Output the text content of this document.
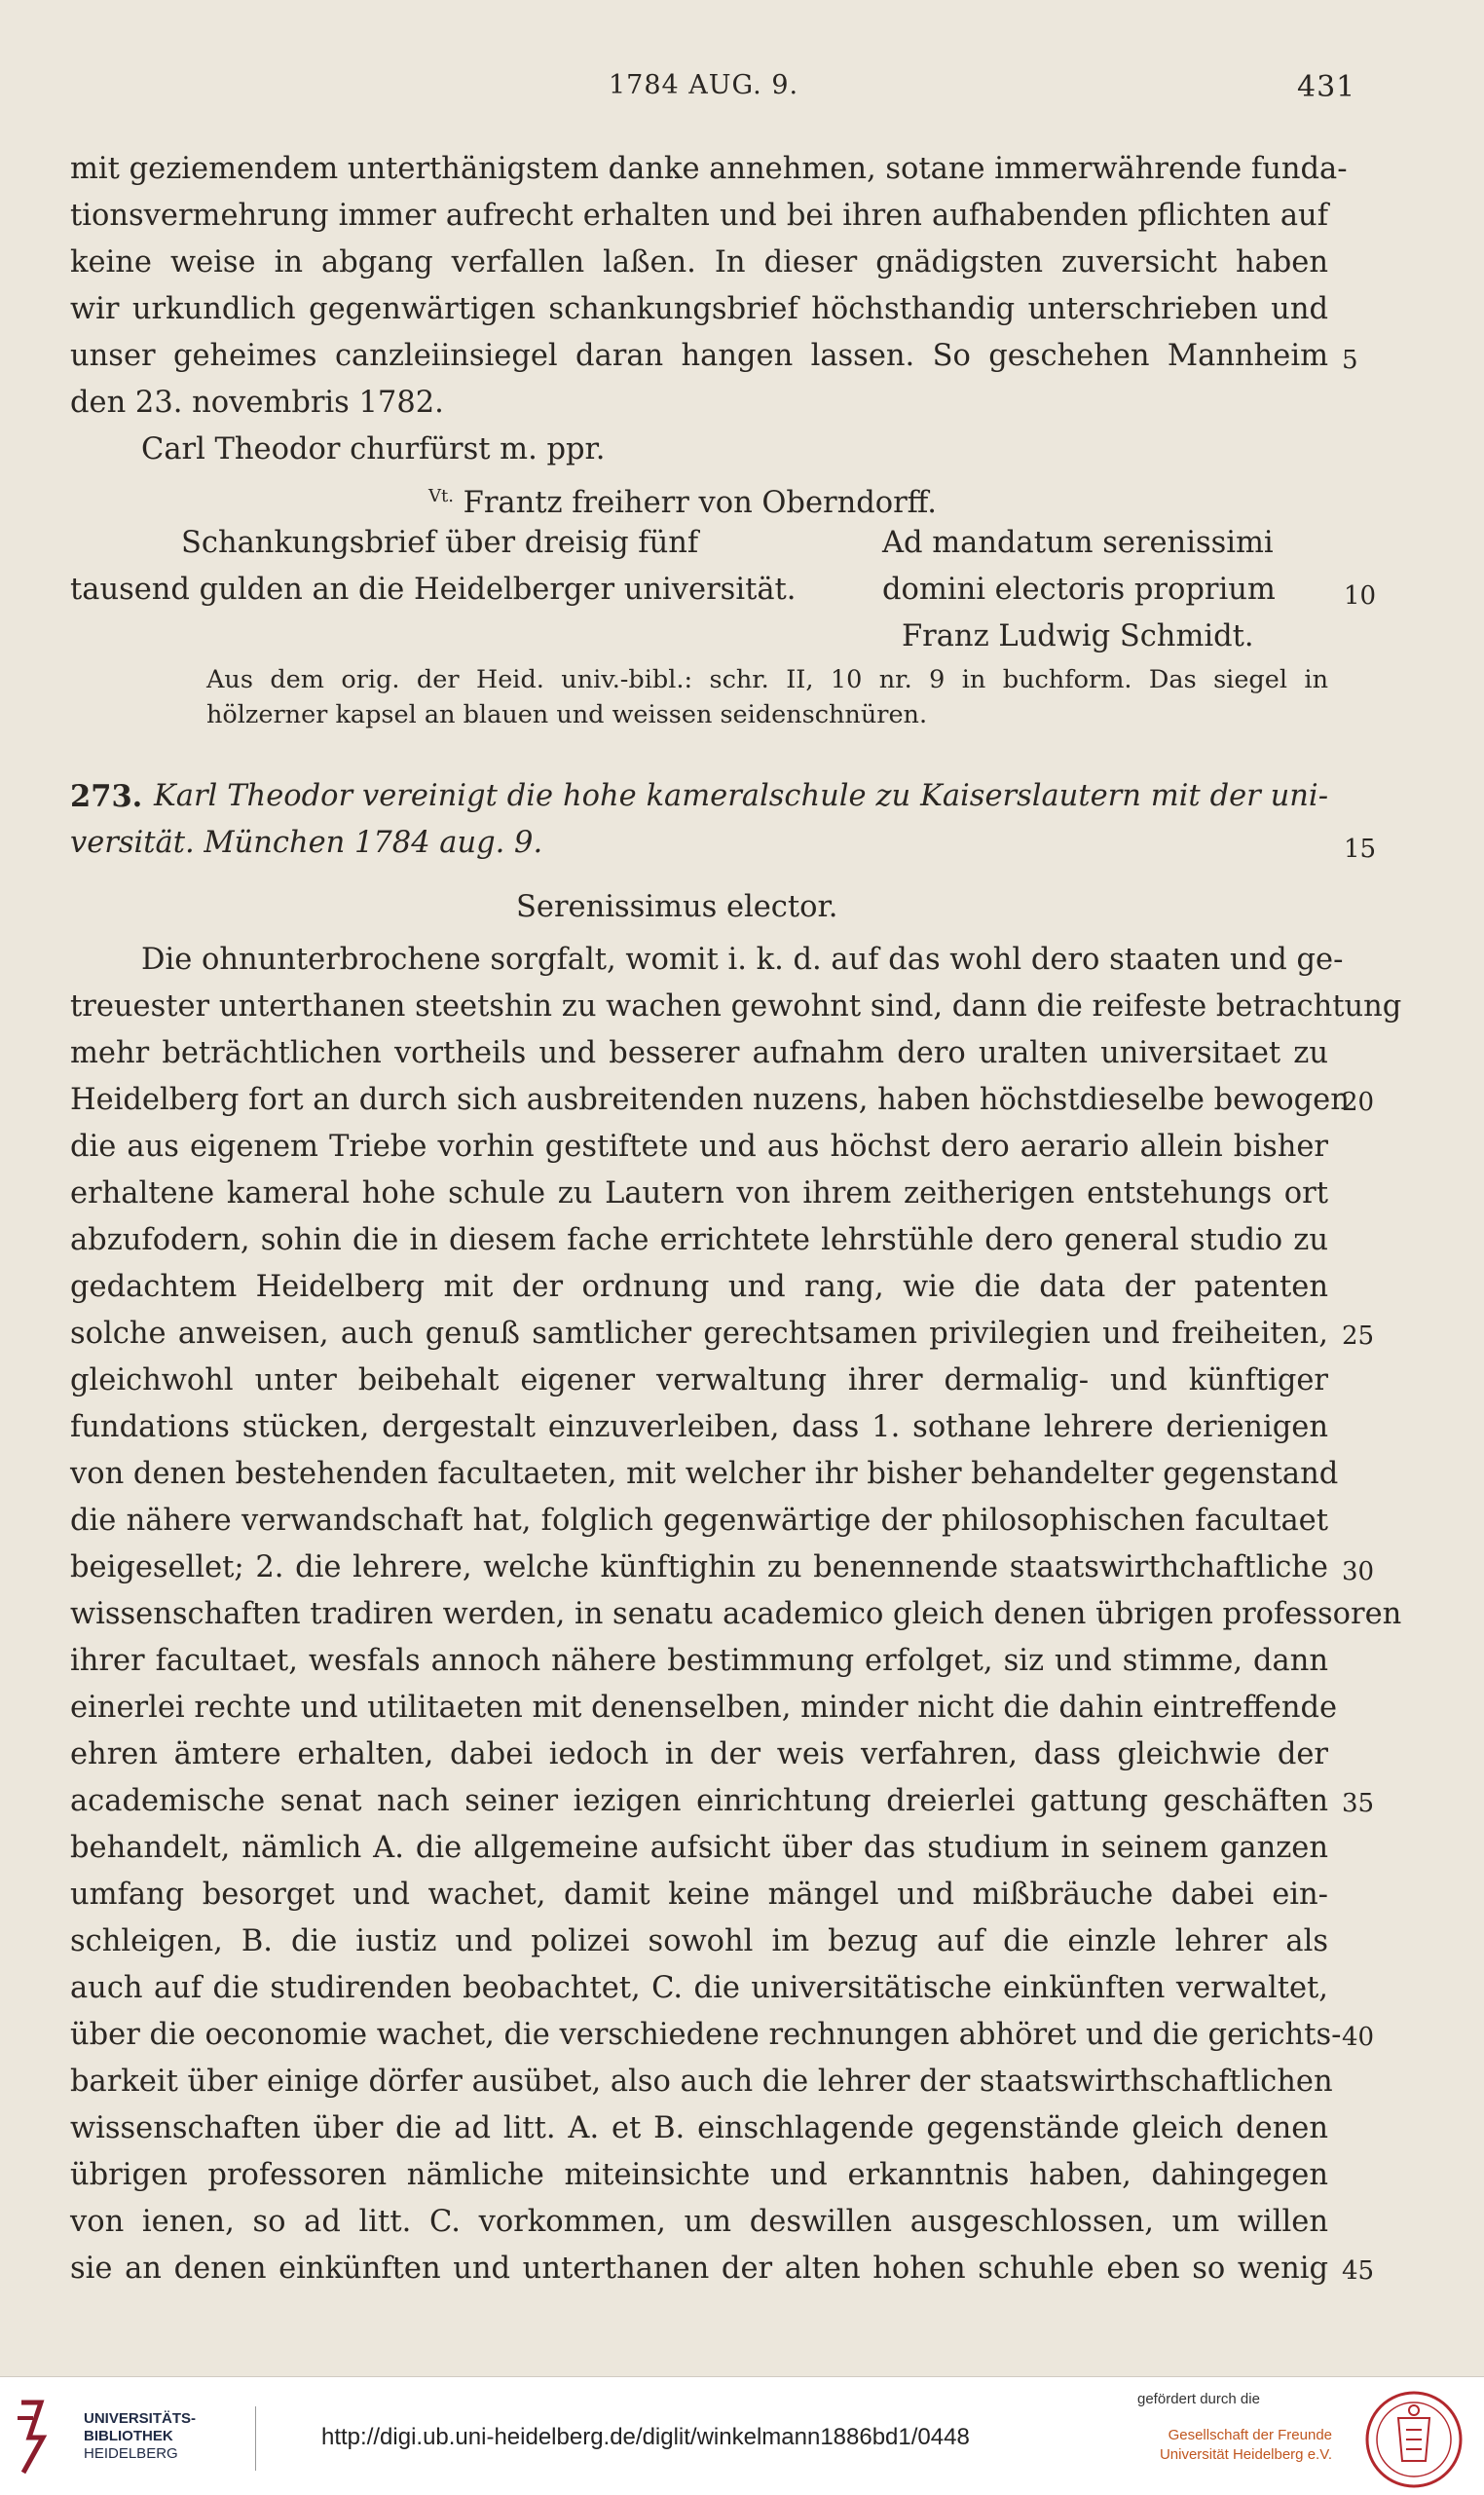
1784 AUG. 9.	431
mit geziemendem unterthänigstem danke annehmen, sotane immerwährende funda-
tionsvermehrung immer aufrecht erhalten und bei ihren aufhabenden pflichten auf
keine weise in abgang verfallen laßen. In dieser gnädigsten zuversicht haben
wir urkundlich gegenwärtigen schankungsbrief höchsthandig unterschrieben und
unser geheimes canzleiinsiegel daran hangen lassen. So geschehen Mannheim 5
den 23. novembris 1782.
Carl Theodor churfürst m. ppr.
$^{Vt.}$ Frantz freiherr von Oberndorff.
Schankungsbrief über dreisig fünf
tausend gulden an die Heidelberger universität.
Ad mandatum serenissimi
domini electoris proprium	10
Franz Ludwig Schmidt.
Aus dem orig. der Heid. univ.-bibl.: schr. II, 10 nr. 9 in buchform. Das siegel in
hölzerner kapsel an blauen und weissen seidenschnüren.
273. Karl Theodor vereinigt die hohe kameralschule zu Kaiserslautern mit der uni-
versität. München 1784 aug. 9.	15
Serenissimus elector.
Die ohnunterbrochene sorgfalt, womit i. k. d. auf das wohl dero staaten und ge-
treuester unterthanen steetshin zu wachen gewohnt sind, dann die reifeste betrachtung
mehr beträchtlichen vortheils und besserer aufnahm dero uralten universitaet zu
Heidelberg fort an durch sich ausbreitenden nuzens, haben höchstdieselbe bewogen
20
die aus eigenem Triebe vorhin gestiftete und aus höchst dero aerario allein bisher
erhaltene kameral hohe schule zu Lautern von ihrem zeitherigen entstehungs ort
abzufodern, sohin die in diesem fache errichtete lehrstühle dero general studio zu
gedachtem Heidelberg mit der ordnung und rang, wie die data der patenten
solche anweisen, auch genuß samtlicher gerechtsamen privilegien und freiheiten, 25
gleichwohl unter beibehalt eigener verwaltung ihrer dermalig- und künftiger
fundations stücken, dergestalt einzuverleiben, dass 1. sothane lehrere derienigen
von denen bestehenden facultaeten, mit welcher ihr bisher behandelter gegenstand
die nähere verwandschaft hat, folglich gegenwärtige der philosophischen facultaet
beigesellet; 2. die lehrere, welche künftighin zu benennende staatswirthchaftliche 30
wissenschaften tradiren werden, in senatu academico gleich denen übrigen professoren
ihrer facultaet, wesfals annoch nähere bestimmung erfolget, siz und stimme, dann
einerlei rechte und utilitaeten mit denenselben, minder nicht die dahin eintreffende
ehren ämtere erhalten, dabei iedoch in der weis verfahren, dass gleichwie der
academische senat nach seiner iezigen einrichtung dreierlei gattung geschäften 35
behandelt, nämlich A. die allgemeine aufsicht über das studium in seinem ganzen
umfang besorget und wachet, damit keine mängel und mißbräuche dabei ein-
schleigen, B. die iustiz und polizei sowohl im bezug auf die einzle lehrer als
auch auf die studirenden beobachtet, C. die universitätische einkünften verwaltet,
über die oeconomie wachet, die verschiedene rechnungen abhöret und die gerichts- 40
barkeit über einige dörfer ausübet, also auch die lehrer der staatswirthschaftlichen
wissenschaften über die ad litt. A. et B. einschlagende gegenstände gleich denen
übrigen professoren nämliche miteinsichte und erkanntnis haben, dahingegen
von ienen, so ad litt. C. vorkommen, um deswillen ausgeschlossen, um willen
sie an denen einkünften und unterthanen der alten hohen schuhle eben so wenig 45
UNIVERSITÄTS-
BIBLIOTHEK
HEIDELBERG
http://digi.ub.uni-heidelberg.de/diglit/winkelmann1886bd1/0448
gefördert durch die
Gesellschaft der Freunde
Universität Heidelberg e.V.
